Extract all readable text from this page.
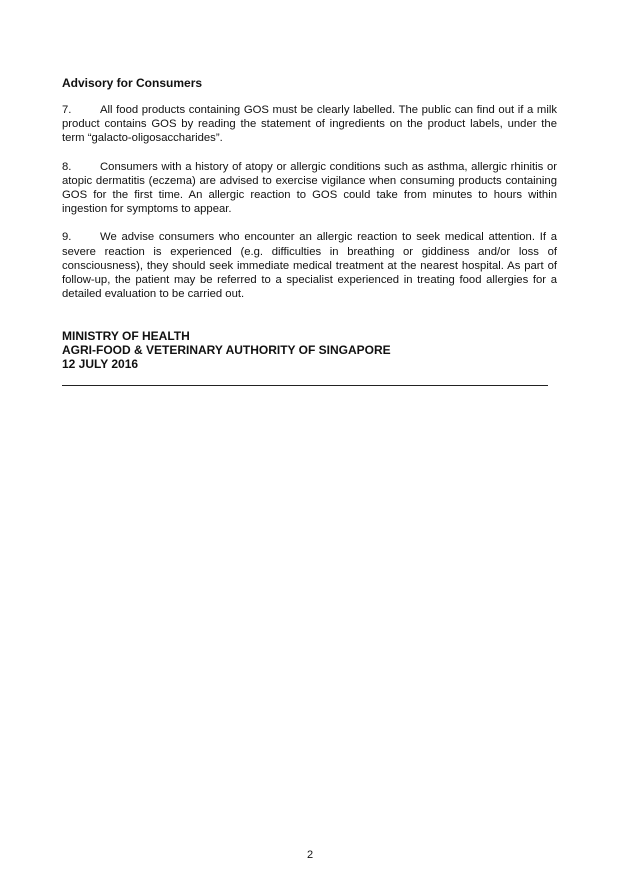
Advisory for Consumers

7.	All food products containing GOS must be clearly labelled. The public can find out if a milk product contains GOS by reading the statement of ingredients on the product labels, under the term “galacto-oligosaccharides”.

8.	Consumers with a history of atopy or allergic conditions such as asthma, allergic rhinitis or atopic dermatitis (eczema) are advised to exercise vigilance when consuming products containing GOS for the first time. An allergic reaction to GOS could take from minutes to hours within ingestion for symptoms to appear.

9.	We advise consumers who encounter an allergic reaction to seek medical attention. If a severe reaction is experienced (e.g. difficulties in breathing or giddiness and/or loss of consciousness), they should seek immediate medical treatment at the nearest hospital. As part of follow-up, the patient may be referred to a specialist experienced in treating food allergies for a detailed evaluation to be carried out.

MINISTRY OF HEALTH
AGRI-FOOD & VETERINARY AUTHORITY OF SINGAPORE
12 JULY 2016
2
